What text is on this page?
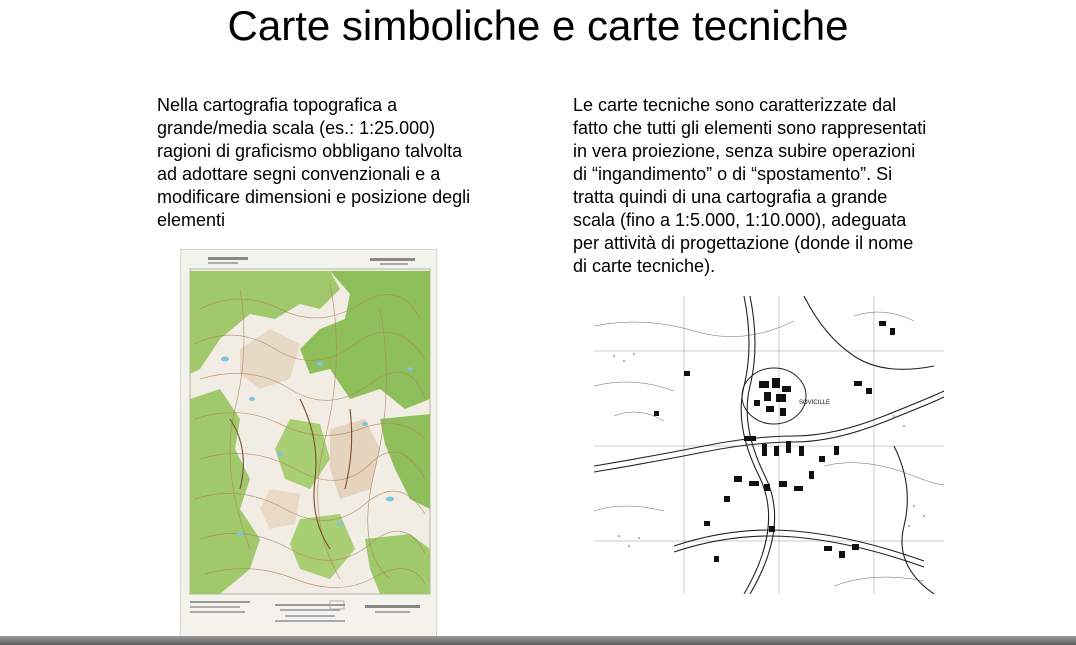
Carte simboliche e carte tecniche

Nella cartografia topografica a
grande/media scala (es.: 1:25.000)
ragioni di graficismo obbligano talvolta
ad adottare segni convenzionali e a
modificare dimensioni e posizione degli
elementi

Le carte tecniche sono caratterizzate dal
fatto che tutti gli elementi sono rappresentati
in vera proiezione, senza subire operazioni
di “ingandimento” o di “spostamento”. Si
tratta quindi di una cartografia a grande
scala (fino a 1:5.000, 1:10.000), adeguata
per attività di progettazione (donde il nome
di carte tecniche).

SOVICILLE
